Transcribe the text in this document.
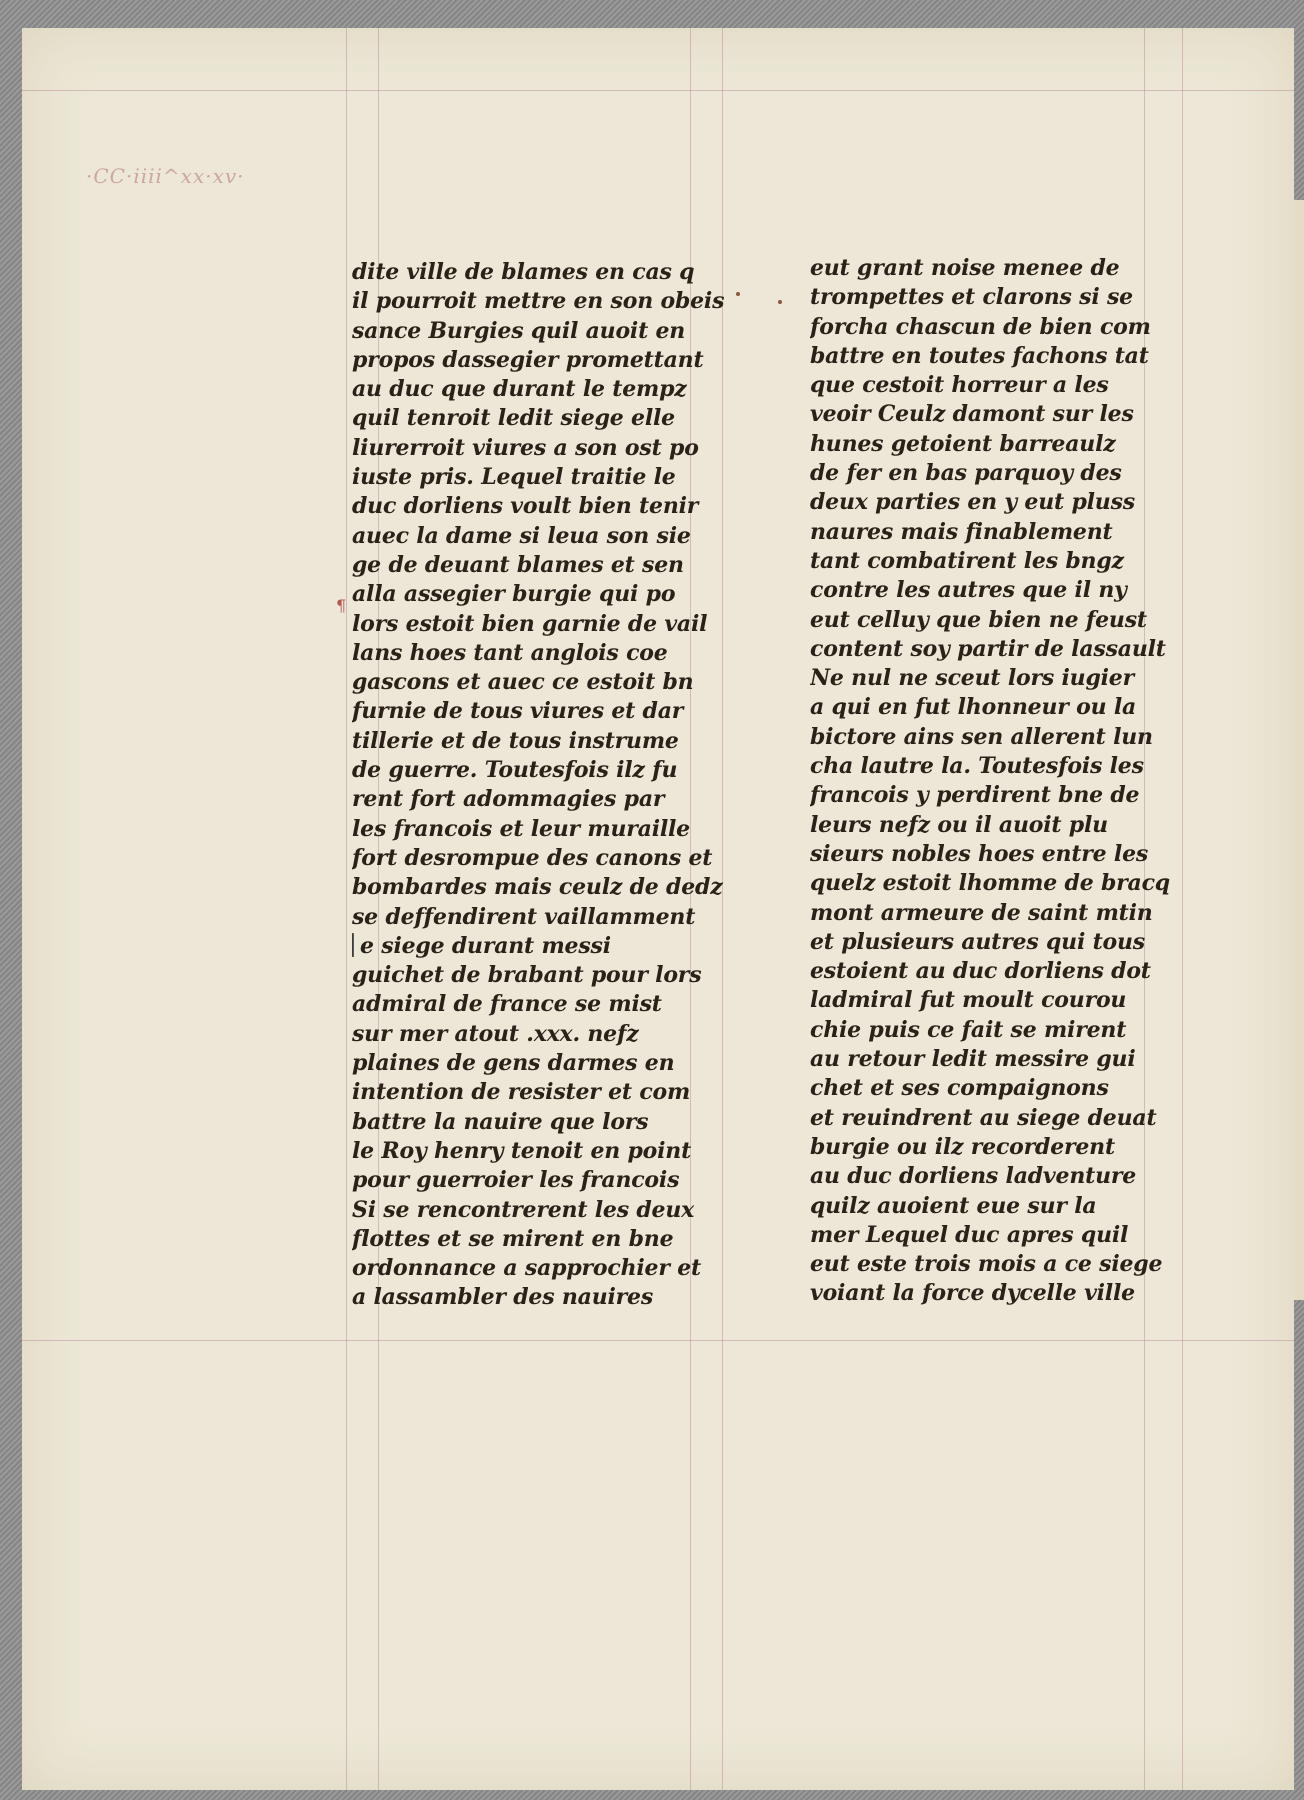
¶
·CC·iiii^xx·xv·
dite ville de blames en cas q
il pourroit mettre en son obeis
sance Burgies quil auoit en
propos dassegier promettant
au duc que durant le tempz
quil tenroit ledit siege elle
liurerroit viures a son ost po
iuste pris. Lequel traitie le
duc dorliens voult bien tenir
auec la dame si leua son sie
ge de deuant blames et sen
alla assegier burgie qui po
lors estoit bien garnie de vail
lans hoes tant anglois coe
gascons et auec ce estoit bn
furnie de tous viures et dar
tillerie et de tous instrume
de guerre. Toutesfois ilz fu
rent fort adommagies par
les francois et leur muraille
fort desrompue des canons et
bombardes mais ceulz de dedz
se deffendirent vaillamment
e siege durant messi
guichet de brabant pour lors
admiral de france se mist
sur mer atout .xxx. nefz
plaines de gens darmes en
intention de resister et com
battre la nauire que lors
le Roy henry tenoit en point
pour guerroier les francois
Si se rencontrerent les deux
flottes et se mirent en bne
ordonnance a sapprochier et
a lassambler des nauires
eut grant noise menee de
trompettes et clarons si se
forcha chascun de bien com
battre en toutes fachons tat
que cestoit horreur a les
veoir Ceulz damont sur les
hunes getoient barreaulz
de fer en bas parquoy des
deux parties en y eut pluss
naures mais finablement
tant combatirent les bngz
contre les autres que il ny
eut celluy que bien ne feust
content soy partir de lassault
Ne nul ne sceut lors iugier
a qui en fut lhonneur ou la
bictore ains sen allerent lun
cha lautre la. Toutesfois les
francois y perdirent bne de
leurs nefz ou il auoit plu
sieurs nobles hoes entre les
quelz estoit lhomme de bracq
mont armeure de saint mtin
et plusieurs autres qui tous
estoient au duc dorliens dot
ladmiral fut moult courou
chie puis ce fait se mirent
au retour ledit messire gui
chet et ses compaignons
et reuindrent au siege deuat
burgie ou ilz recorderent
au duc dorliens ladventure
quilz auoient eue sur la
mer Lequel duc apres quil
eut este trois mois a ce siege
voiant la force dycelle ville
